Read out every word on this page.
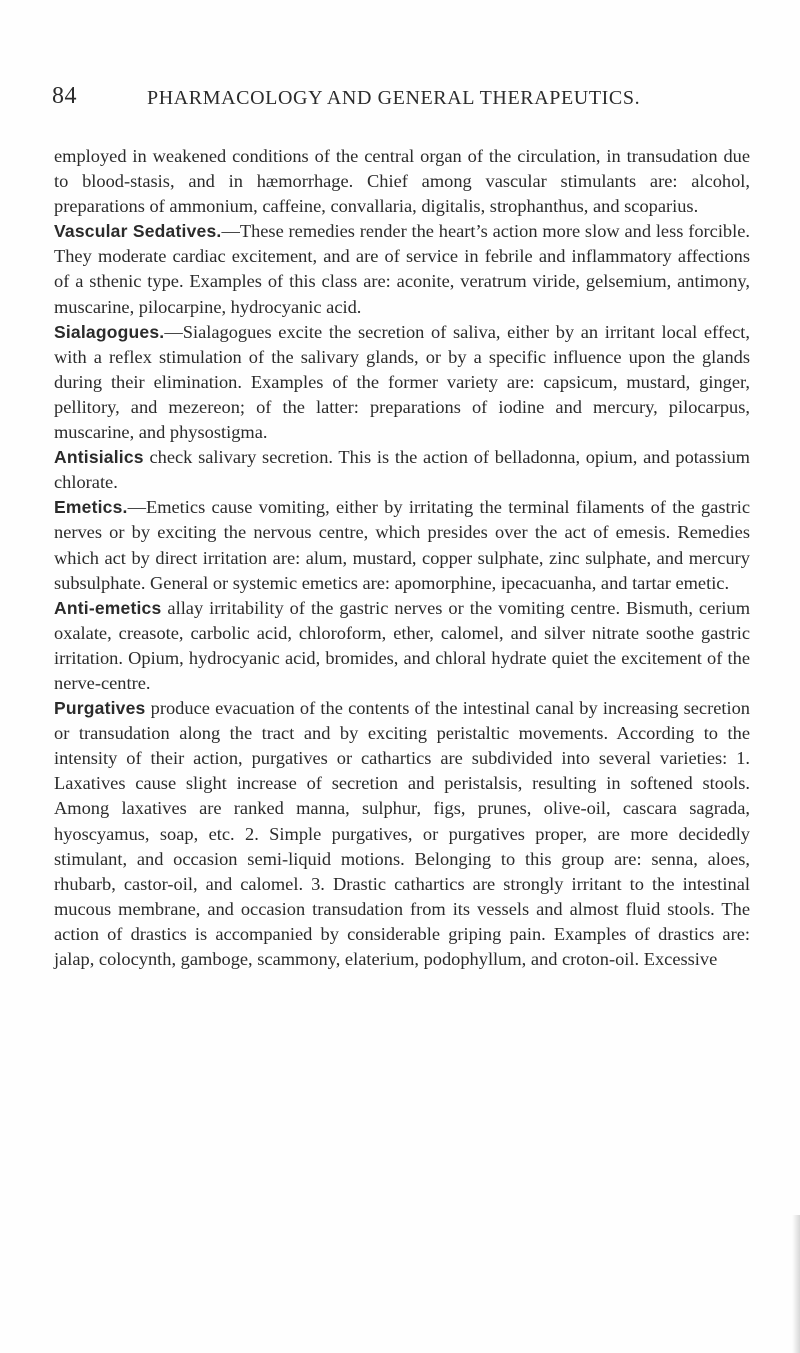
84	PHARMACOLOGY AND GENERAL THERAPEUTICS.

employed in weakened conditions of the central organ of the circulation, in transudation due to blood-stasis, and in hæmorrhage. Chief among vascular stimulants are: alcohol, preparations of ammonium, caffeine, convallaria, digitalis, strophanthus, and scoparius.

Vascular Sedatives.—These remedies render the heart’s action more slow and less forcible. They moderate cardiac excitement, and are of service in febrile and inflammatory affections of a sthenic type. Examples of this class are: aconite, veratrum viride, gelsemium, antimony, muscarine, pilocarpine, hydrocyanic acid.

Sialagogues.—Sialagogues excite the secretion of saliva, either by an irritant local effect, with a reflex stimulation of the salivary glands, or by a specific influence upon the glands during their elimination. Examples of the former variety are: capsicum, mustard, ginger, pellitory, and mezereon; of the latter: preparations of iodine and mercury, pilocarpus, muscarine, and physostigma.

Antisialics check salivary secretion. This is the action of belladonna, opium, and potassium chlorate.

Emetics.—Emetics cause vomiting, either by irritating the terminal filaments of the gastric nerves or by exciting the nervous centre, which presides over the act of emesis. Remedies which act by direct irritation are: alum, mustard, copper sulphate, zinc sulphate, and mercury subsulphate. General or systemic emetics are: apomorphine, ipecacuanha, and tartar emetic.

Anti-emetics allay irritability of the gastric nerves or the vomiting centre. Bismuth, cerium oxalate, creasote, carbolic acid, chloroform, ether, calomel, and silver nitrate soothe gastric irritation. Opium, hydrocyanic acid, bromides, and chloral hydrate quiet the excitement of the nerve-centre.

Purgatives produce evacuation of the contents of the intestinal canal by increasing secretion or transudation along the tract and by exciting peristaltic movements. According to the intensity of their action, purgatives or cathartics are subdivided into several varieties: 1. Laxatives cause slight increase of secretion and peristalsis, resulting in softened stools. Among laxatives are ranked manna, sulphur, figs, prunes, olive-oil, cascara sagrada, hyoscyamus, soap, etc. 2. Simple purgatives, or purgatives proper, are more decidedly stimulant, and occasion semi-liquid motions. Belonging to this group are: senna, aloes, rhubarb, castor-oil, and calomel. 3. Drastic cathartics are strongly irritant to the intestinal mucous membrane, and occasion transudation from its vessels and almost fluid stools. The action of drastics is accompanied by considerable griping pain. Examples of drastics are: jalap, colocynth, gamboge, scammony, elaterium, podophyllum, and croton-oil. Excessive
